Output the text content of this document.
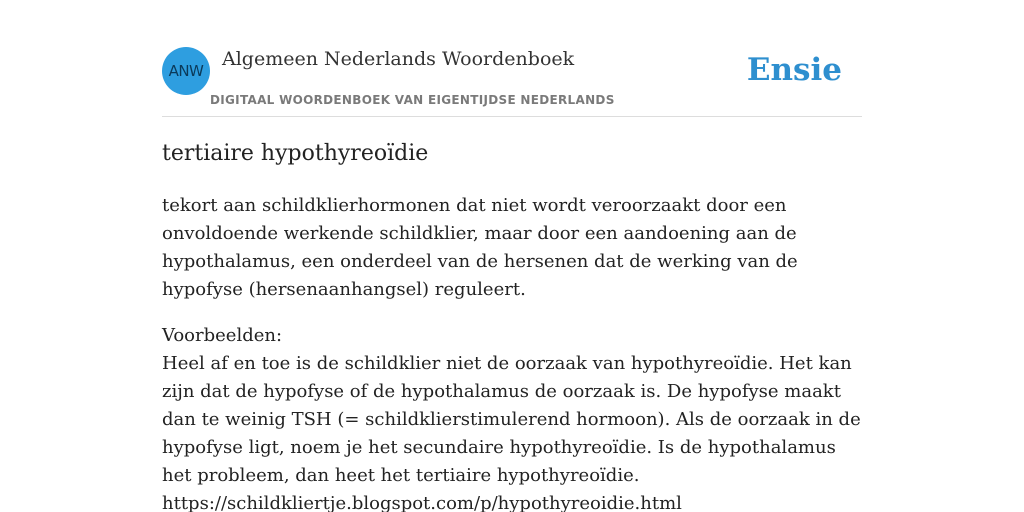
ANW
Algemeen Nederlands Woordenboek
DIGITAAL WOORDENBOEK VAN EIGENTIJDSE NEDERLANDS
Ensie
tertiaire hypothyreoïdie

tekort aan schildklierhormonen dat niet wordt veroorzaakt door een onvoldoende werkende schildklier, maar door een aandoening aan de hypothalamus, een onderdeel van de hersenen dat de werking van de hypofyse (hersenaanhangsel) reguleert.

Voorbeelden:
Heel af en toe is de schildklier niet de oorzaak van hypothyreoïdie. Het kan zijn dat de hypofyse of de hypothalamus de oorzaak is. De hypofyse maakt dan te weinig TSH (= schildklierstimulerend hormoon). Als de oorzaak in de hypofyse ligt, noem je het secundaire hypothyreoïdie. Is de hypothalamus het probleem, dan heet het tertiaire hypothyreoïdie.
https://schildkliertje.blogspot.com/p/hypothyreoidie.html
